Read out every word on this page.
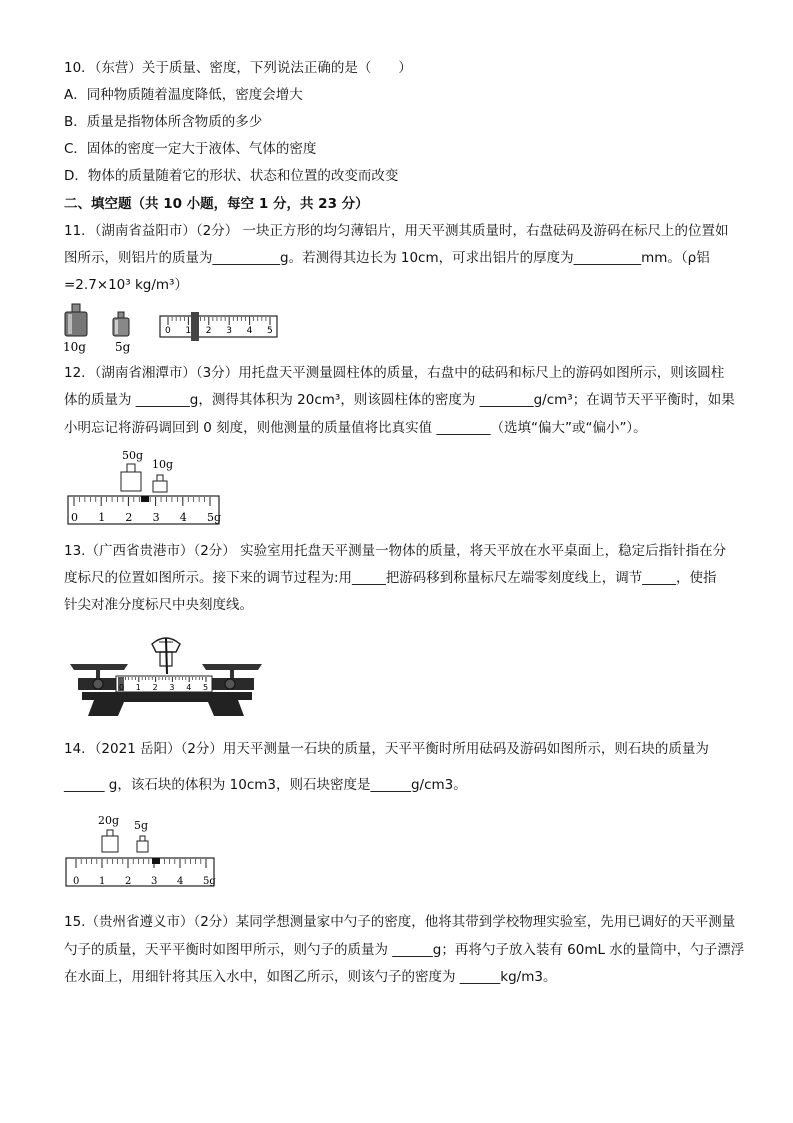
10．（东营）关于质量、密度，下列说法正确的是（　　）
A．同种物质随着温度降低，密度会增大
B．质量是指物体所含物质的多少
C．固体的密度一定大于液体、气体的密度
D．物体的质量随着它的形状、状态和位置的改变而改变
二、填空题（共 10 小题，每空 1 分，共 23 分）
11．（湖南省益阳市）（2分） 一块正方形的均匀薄铝片，用天平测其质量时，右盘砝码及游码在标尺上的位置如
图所示，则铝片的质量为__________g。若测得其边长为 10cm，可求出铝片的厚度为__________mm。（ρ铝
=2.7×10³ kg/m³）
10g 5g
0 1 2 3 4 5
12．（湖南省湘潭市）（3分）用托盘天平测量圆柱体的质量，右盘中的砝码和标尺上的游码如图所示，则该圆柱
体的质量为 ________g，测得其体积为 20cm³，则该圆柱体的密度为 ________g/cm³；在调节天平平衡时，如果
小明忘记将游码调回到 0 刻度，则他测量的质量值将比真实值 ________（选填“偏大”或“偏小”）。
50g
10g
0 1 2 3 4 5g
13.（广西省贵港市）（2分） 实验室用托盘天平测量一物体的质量，将天平放在水平桌面上，稳定后指针指在分
度标尺的位置如图所示。接下来的调节过程为:用_____把游码移到称量标尺左端零刻度线上，调节_____，使指
针尖对准分度标尺中央刻度线。
0 1 2 3 4 5
14．（2021 岳阳）（2分）用天平测量一石块的质量，天平平衡时所用砝码及游码如图所示，则石块的质量为
______ g，该石块的体积为 10cm3，则石块密度是______g/cm3。
20g 5g
0 1 2 3 4 5g
15.（贵州省遵义市）（2分）某同学想测量家中勺子的密度，他将其带到学校物理实验室，先用已调好的天平测量
勺子的质量，天平平衡时如图甲所示，则勺子的质量为 ______g；再将勺子放入装有 60mL 水的量筒中，勺子漂浮
在水面上，用细针将其压入水中，如图乙所示，则该勺子的密度为 ______kg/m3。
